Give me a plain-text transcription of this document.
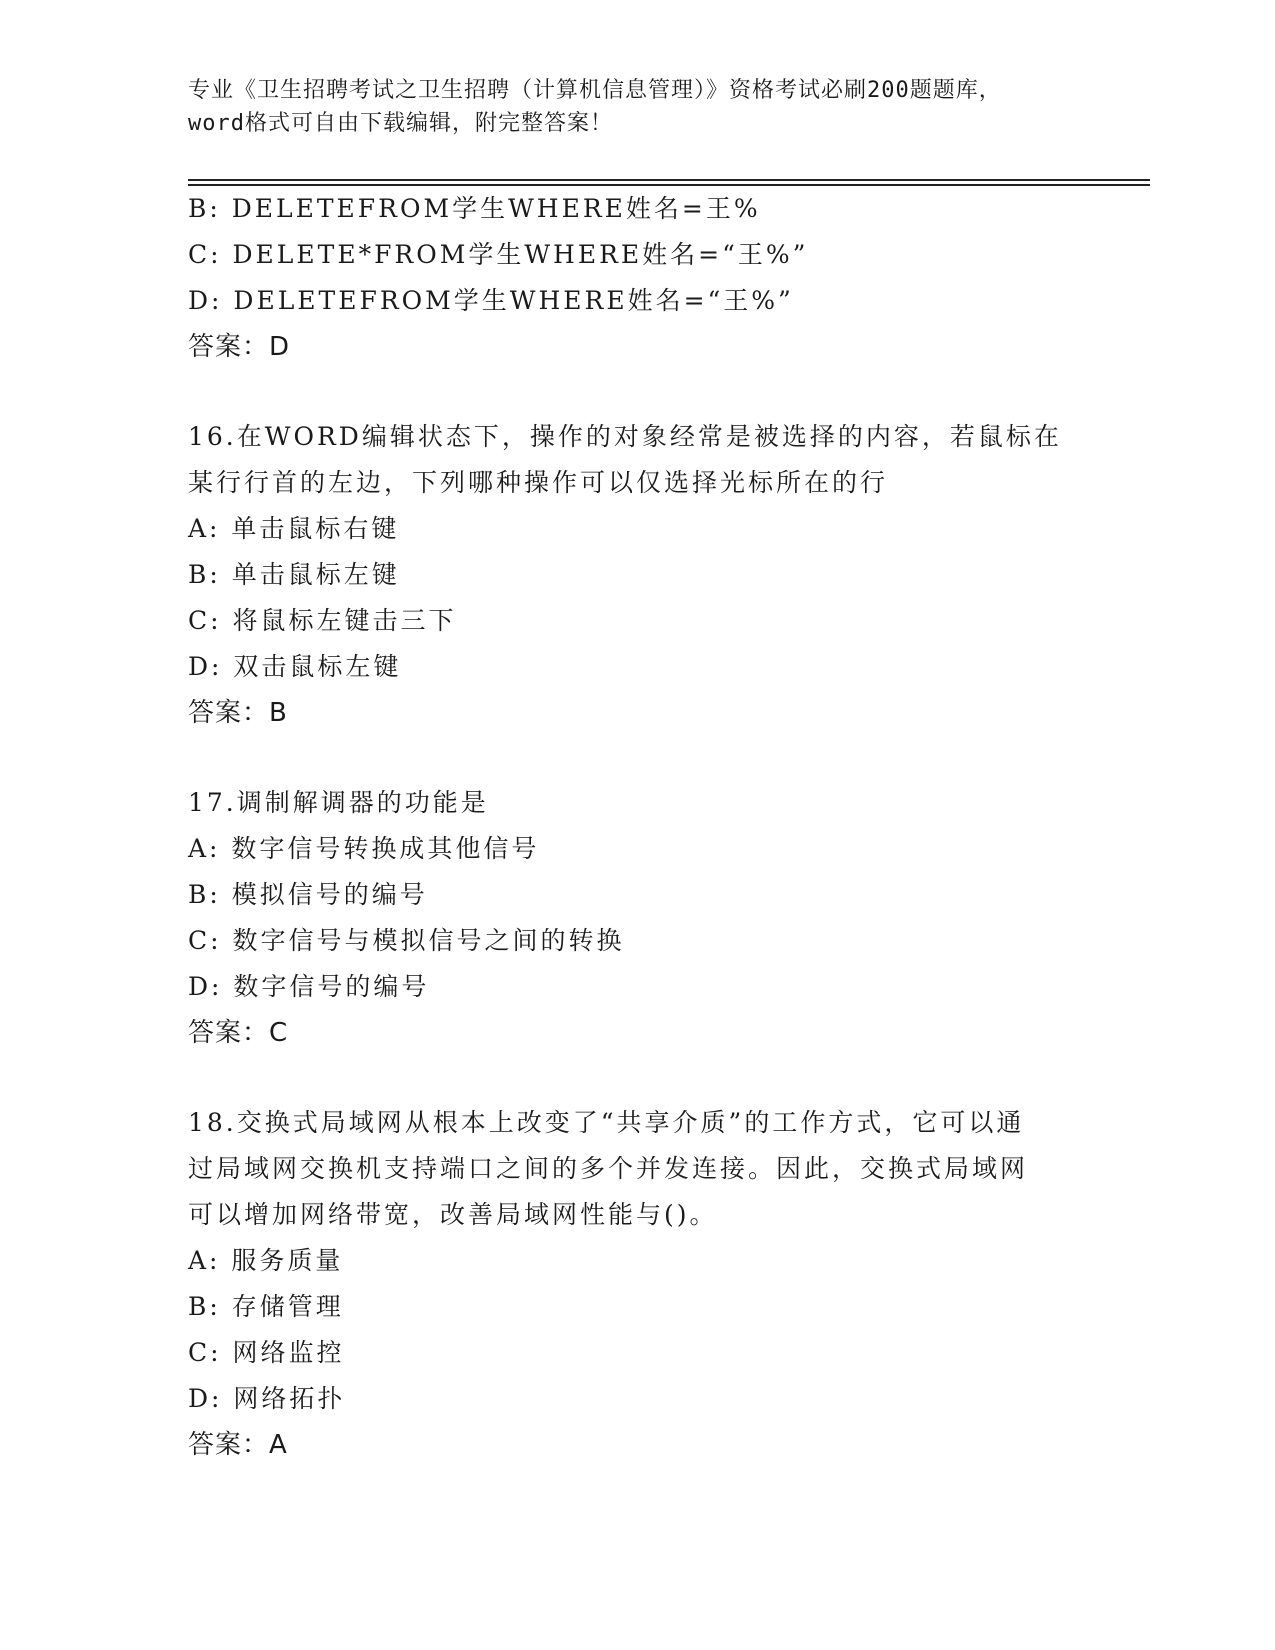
专业《卫生招聘考试之卫生招聘（计算机信息管理）》资格考试必刷200题题库，
word格式可自由下载编辑，附完整答案！
B: DELETEFROM学生WHERE姓名=王%
C: DELETE*FROM学生WHERE姓名=“王%”
D: DELETEFROM学生WHERE姓名=“王%”
答案：D
16.在WORD编辑状态下，操作的对象经常是被选择的内容，若鼠标在
某行行首的左边，下列哪种操作可以仅选择光标所在的行
A: 单击鼠标右键
B: 单击鼠标左键
C: 将鼠标左键击三下
D: 双击鼠标左键
答案：B
17.调制解调器的功能是
A: 数字信号转换成其他信号
B: 模拟信号的编号
C: 数字信号与模拟信号之间的转换
D: 数字信号的编号
答案：C
18.交换式局域网从根本上改变了“共享介质”的工作方式，它可以通
过局域网交换机支持端口之间的多个并发连接。因此，交换式局域网
可以增加网络带宽，改善局域网性能与()。
A: 服务质量
B: 存储管理
C: 网络监控
D: 网络拓扑
答案：A
